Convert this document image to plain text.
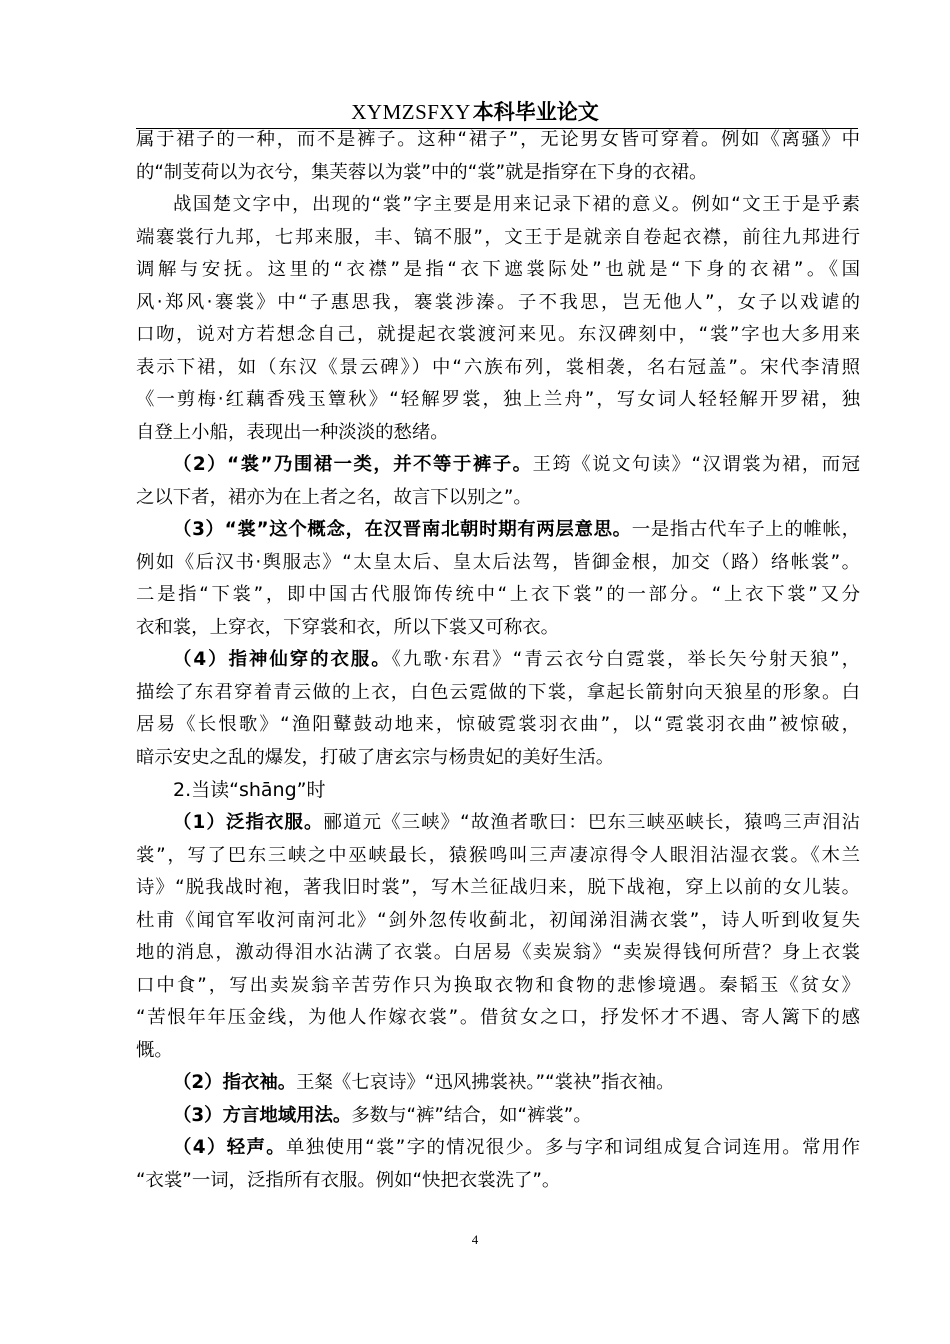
XYMZSFXY本科毕业论文
属于裙子的一种，而不是裤子。这种“裙子”，无论男女皆可穿着。例如《离骚》中
的“制芰荷以为衣兮，集芙蓉以为裳”中的“裳”就是指穿在下身的衣裙。
战国楚文字中，出现的“裳”字主要是用来记录下裙的意义。例如“文王于是乎素
端褰裳行九邦，七邦来服，丰、镐不服”，文王于是就亲自卷起衣襟，前往九邦进行
调解与安抚。这里的“衣襟”是指“衣下遮裳际处”也就是“下身的衣裙”。《国
风·郑风·褰裳》中“子惠思我，褰裳涉溱。子不我思，岂无他人”，女子以戏谑的
口吻，说对方若想念自己，就提起衣裳渡河来见。东汉碑刻中，“裳”字也大多用来
表示下裙，如（东汉《景云碑》）中“六族布列，裳相袭，名右冠盖”。宋代李清照
《一剪梅·红藕香残玉簟秋》“轻解罗裳，独上兰舟”，写女词人轻轻解开罗裙，独
自登上小船，表现出一种淡淡的愁绪。
（2）“裳”乃围裙一类，并不等于裤子。王筠《说文句读》“汉谓裳为裙，而冠
之以下者，裙亦为在上者之名，故言下以别之”。
（3）“裳”这个概念，在汉晋南北朝时期有两层意思。一是指古代车子上的帷帐，
例如《后汉书·舆服志》“太皇太后、皇太后法驾，皆御金根，加交（路）络帐裳”。
二是指“下裳”，即中国古代服饰传统中“上衣下裳”的一部分。“上衣下裳”又分
衣和裳，上穿衣，下穿裳和衣，所以下裳又可称衣。
（4）指神仙穿的衣服。《九歌·东君》“青云衣兮白霓裳，举长矢兮射天狼”，
描绘了东君穿着青云做的上衣，白色云霓做的下裳，拿起长箭射向天狼星的形象。白
居易《长恨歌》“渔阳鼙鼓动地来，惊破霓裳羽衣曲”，以“霓裳羽衣曲”被惊破，
暗示安史之乱的爆发，打破了唐玄宗与杨贵妃的美好生活。
2.当读“shāng”时
（1）泛指衣服。郦道元《三峡》“故渔者歌曰：巴东三峡巫峡长，猿鸣三声泪沾
裳”，写了巴东三峡之中巫峡最长，猿猴鸣叫三声凄凉得令人眼泪沾湿衣裳。《木兰
诗》“脱我战时袍，著我旧时裳”，写木兰征战归来，脱下战袍，穿上以前的女儿装。
杜甫《闻官军收河南河北》“剑外忽传收蓟北，初闻涕泪满衣裳”，诗人听到收复失
地的消息，激动得泪水沾满了衣裳。白居易《卖炭翁》“卖炭得钱何所营？身上衣裳
口中食”，写出卖炭翁辛苦劳作只为换取衣物和食物的悲惨境遇。秦韬玉《贫女》
“苦恨年年压金线，为他人作嫁衣裳”。借贫女之口，抒发怀才不遇、寄人篱下的感
慨。
（2）指衣袖。王粲《七哀诗》“迅风拂裳袂。”“裳袂”指衣袖。
（3）方言地域用法。多数与“裤”结合，如“裤裳”。
（4）轻声。单独使用“裳”字的情况很少。多与字和词组成复合词连用。常用作
“衣裳”一词，泛指所有衣服。例如“快把衣裳洗了”。
4
